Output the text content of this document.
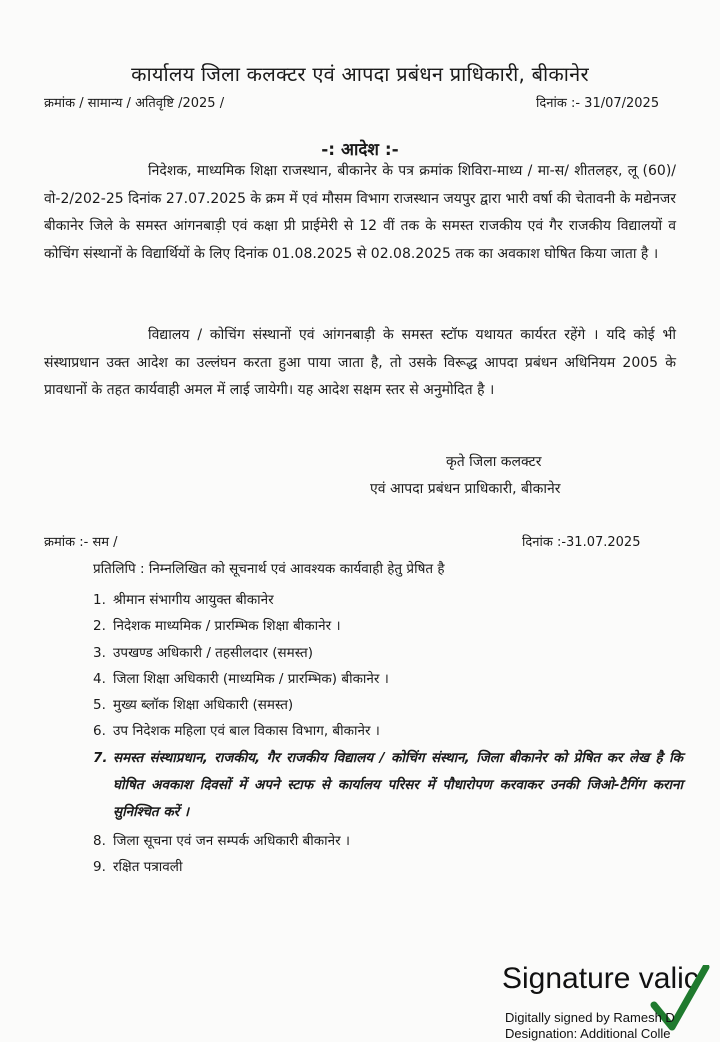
कार्यालय जिला कलक्टर एवं आपदा प्रबंधन प्राधिकारी, बीकानेर
क्रमांक / सामान्य / अतिवृष्टि /2025 /	दिनांक :- 31/07/2025
-: आदेश :-

निदेशक, माध्यमिक शिक्षा राजस्थान, बीकानेर के पत्र क्रमांक शिविरा-माध्य / मा-स/ शीतलहर, लू (60)/वो-2/202-25 दिनांक 27.07.2025 के क्रम में एवं मौसम विभाग राजस्थान जयपुर द्वारा भारी वर्षा की चेतावनी के मद्येनजर बीकानेर जिले के समस्त आंगनबाड़ी एवं कक्षा प्री प्राईमेरी से 12 वीं तक के समस्त राजकीय एवं गैर राजकीय विद्यालयों व कोचिंग संस्थानों के विद्यार्थियों के लिए दिनांक 01.08.2025 से 02.08.2025 तक का अवकाश घोषित किया जाता है ।

विद्यालय / कोचिंग संस्थानों एवं आंगनबाड़ी के समस्त स्टॉफ यथायत कार्यरत रहेंगे । यदि कोई भी संस्थाप्रधान उक्त आदेश का उल्लंघन करता हुआ पाया जाता है, तो उसके विरूद्ध आपदा प्रबंधन अधिनियम 2005 के प्रावधानों के तहत कार्यवाही अमल में लाई जायेगी। यह आदेश सक्षम स्तर से अनुमोदित है ।

कृते जिला कलक्टर
एवं आपदा प्रबंधन प्राधिकारी, बीकानेर
क्रमांक :- सम /	दिनांक :-31.07.2025
प्रतिलिपि : निम्नलिखित को सूचनार्थ एवं आवश्यक कार्यवाही हेतु प्रेषित है
1. श्रीमान संभागीय आयुक्त बीकानेर
2. निदेशक माध्यमिक / प्रारम्भिक शिक्षा बीकानेर ।
3. उपखण्ड अधिकारी / तहसीलदार (समस्त)
4. जिला शिक्षा अधिकारी (माध्यमिक / प्रारम्भिक) बीकानेर ।
5. मुख्य ब्लॉक शिक्षा अधिकारी (समस्त)
6. उप निदेशक महिला एवं बाल विकास विभाग, बीकानेर ।
7. समस्त संस्थाप्रधान, राजकीय, गैर राजकीय विद्यालय / कोचिंग संस्थान, जिला बीकानेर को प्रेषित कर लेख है कि घोषित अवकाश दिवसों में अपने स्टाफ से कार्यालय परिसर में पौधारोपण करवाकर उनकी जिओ-टैगिंग कराना सुनिश्चित करें ।
8. जिला सूचना एवं जन सम्पर्क अधिकारी बीकानेर ।
9. रक्षित पत्रावली
Signature valic
Digitally signed by Ramesh D
Designation: Additional Colle
